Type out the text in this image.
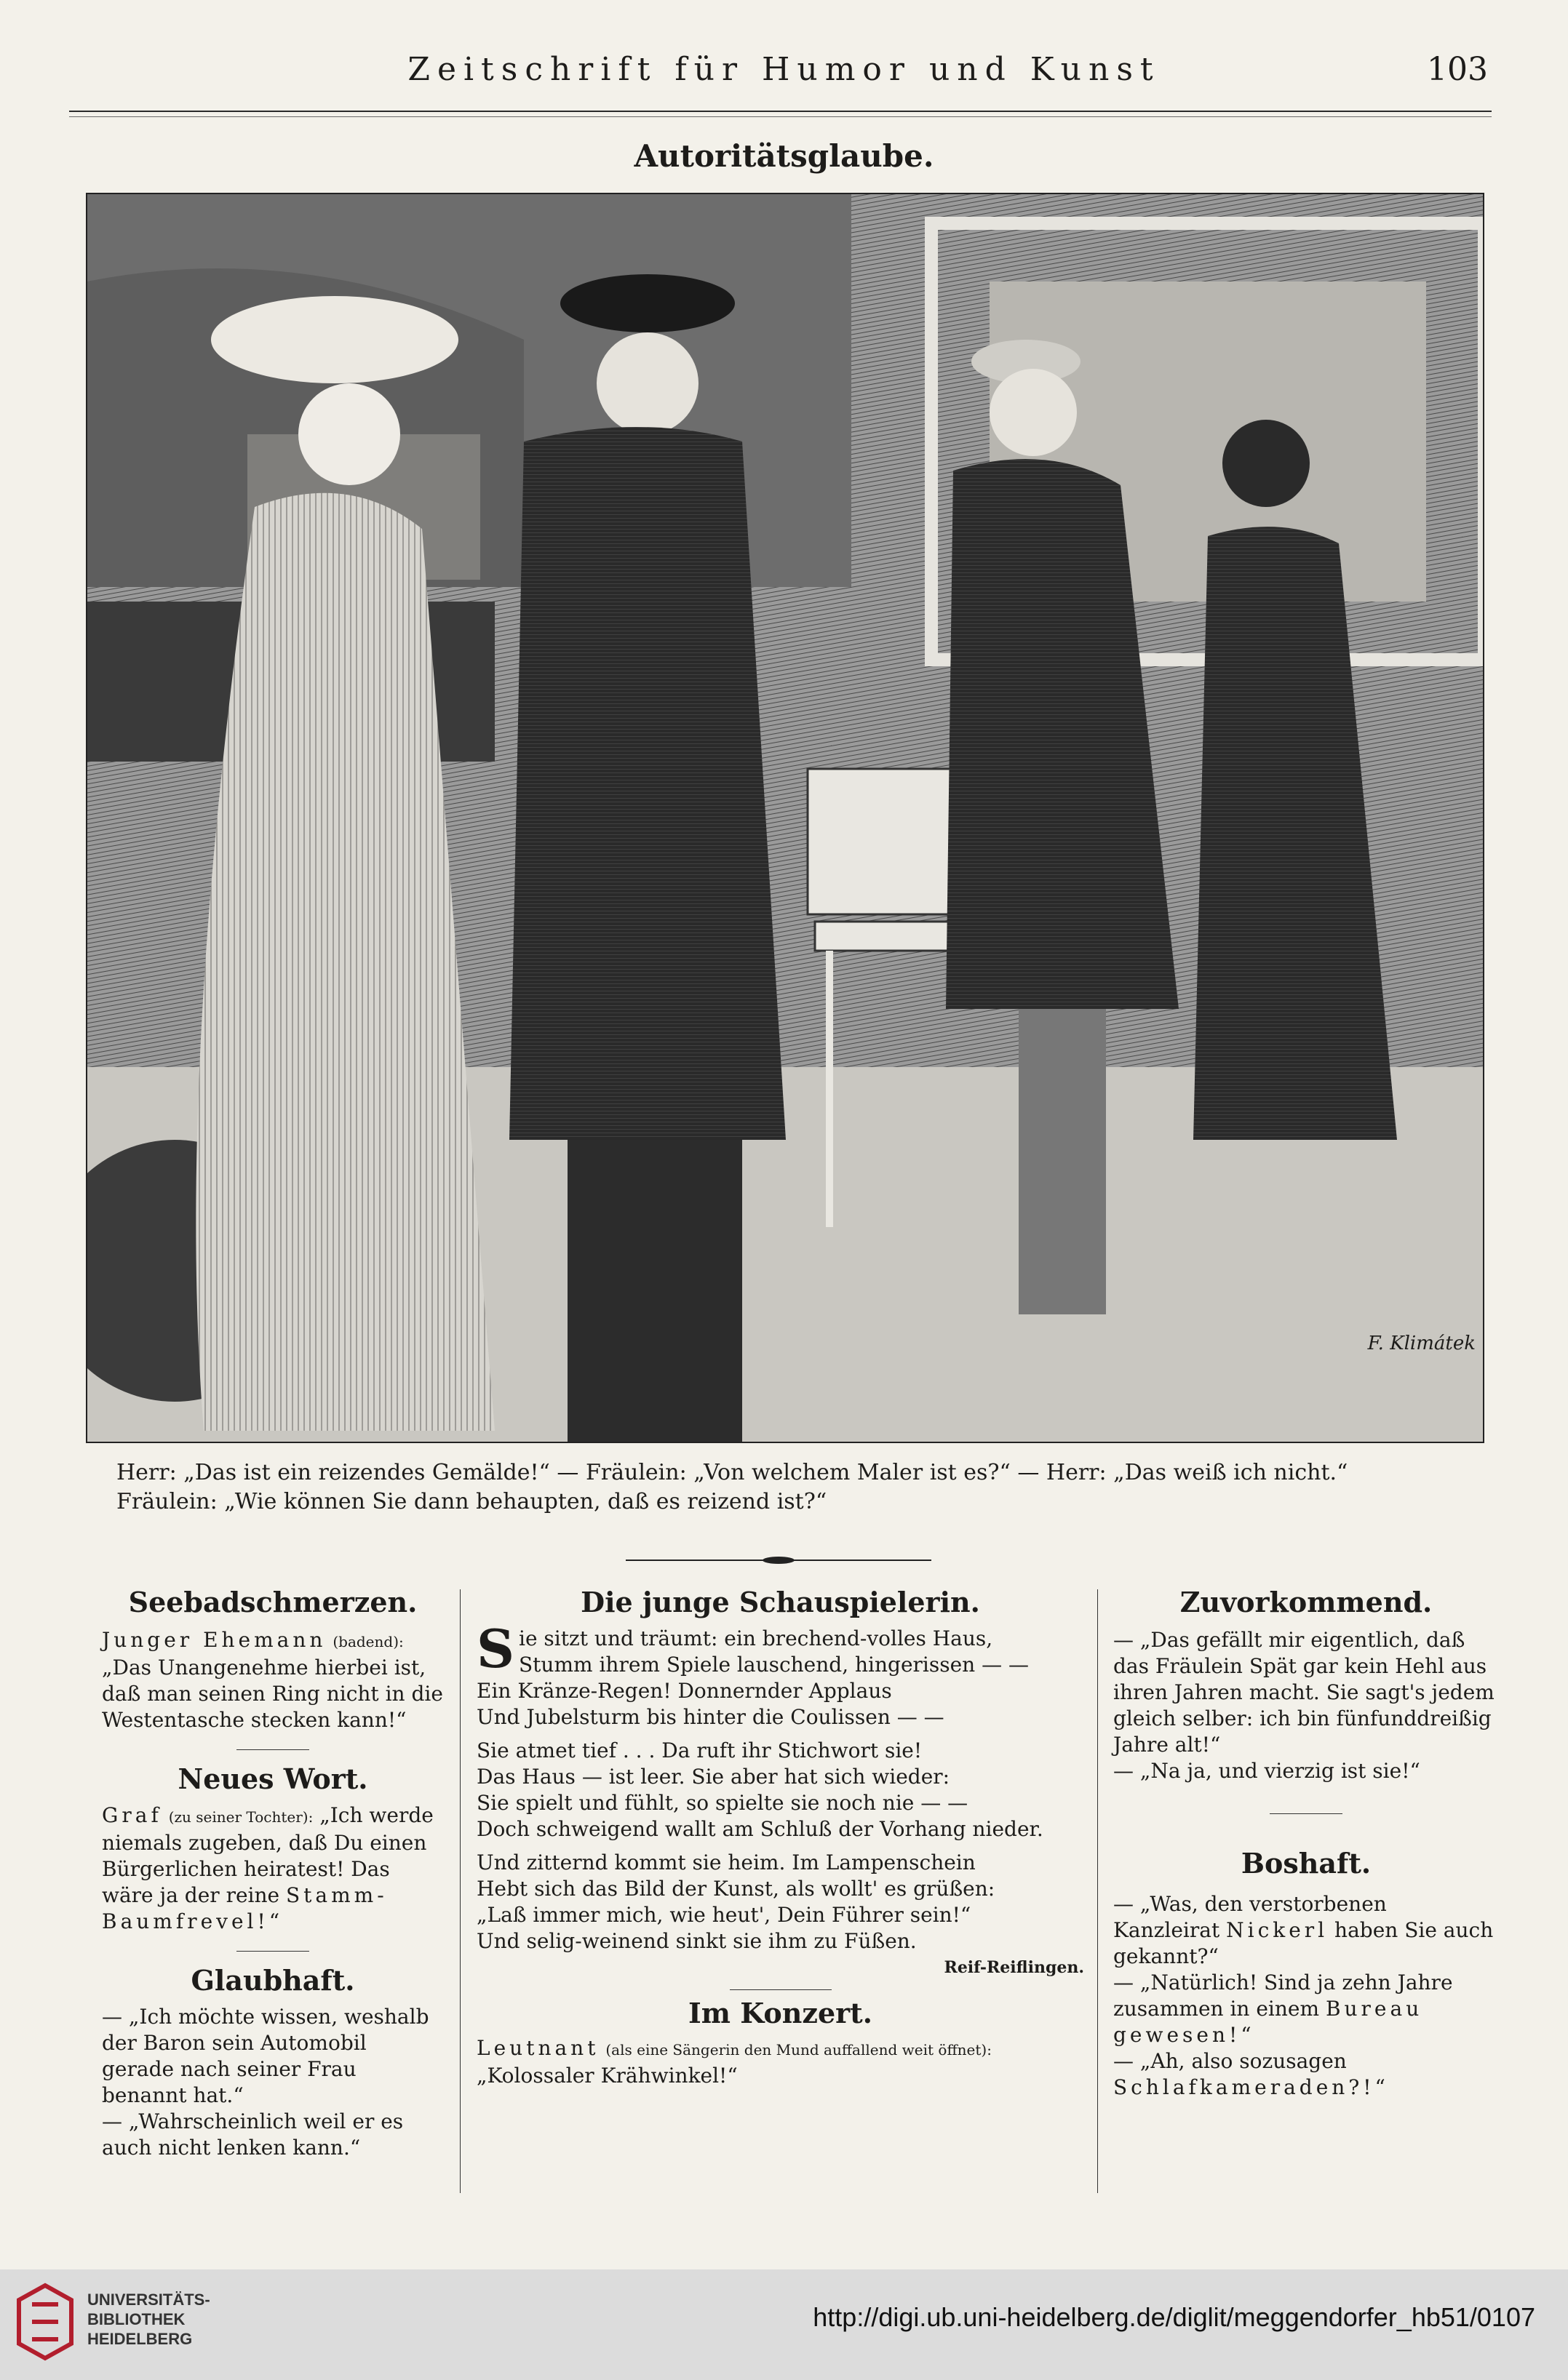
Zeitschrift für Humor und Kunst	103
Autoritätsglaube.
F. Klimátek
Herr: „Das ist ein reizendes Gemälde!“ — Fräulein: „Von welchem Maler ist es?“ — Herr: „Das weiß ich nicht.“
Fräulein: „Wie können Sie dann behaupten, daß es reizend ist?“
Seebadschmerzen.

Junger Ehemann (badend): „Das Unangenehme hierbei ist, daß man seinen Ring nicht in die Westentasche stecken kann!“

Neues Wort.

Graf (zu seiner Tochter): „Ich werde niemals zugeben, daß Du einen Bürgerlichen heiratest! Das wäre ja der reine Stamm-Baumfrevel!“

Glaubhaft.

— „Ich möchte wissen, weshalb der Baron sein Automobil gerade nach seiner Frau benannt hat.“

— „Wahrscheinlich weil er es auch nicht lenken kann.“

Die junge Schauspielerin.
S ie sitzt und träumt: ein brechend-volles Haus,

Stumm ihrem Spiele lauschend, hingerissen — —

Ein Kränze-Regen! Donnernder Applaus

Und Jubelsturm bis hinter die Coulissen — —

Sie atmet tief . . . Da ruft ihr Stichwort sie!

Das Haus — ist leer. Sie aber hat sich wieder:

Sie spielt und fühlt, so spielte sie noch nie — —

Doch schweigend wallt am Schluß der Vorhang nieder.

Und zitternd kommt sie heim. Im Lampenschein

Hebt sich das Bild der Kunst, als wollt' es grüßen:

„Laß immer mich, wie heut', Dein Führer sein!“

Und selig-weinend sinkt sie ihm zu Füßen.

Reif-Reiflingen.
Im Konzert.

Leutnant (als eine Sängerin den Mund auffallend weit öffnet): „Kolossaler Krähwinkel!“

Zuvorkommend.

— „Das gefällt mir eigentlich, daß das Fräulein Spät gar kein Hehl aus ihren Jahren macht. Sie sagt's jedem gleich selber: ich bin fünfunddreißig Jahre alt!“

— „Na ja, und vierzig ist sie!“

Boshaft.

— „Was, den verstorbenen Kanzleirat Nickerl haben Sie auch gekannt?“

— „Natürlich! Sind ja zehn Jahre zusammen in einem Bureau gewesen!“

— „Ah, also sozusagen Schlafkameraden?!“

UNIVERSITÄTS-
BIBLIOTHEK
HEIDELBERG
http://digi.ub.uni-heidelberg.de/diglit/meggendorfer_hb51/0107
